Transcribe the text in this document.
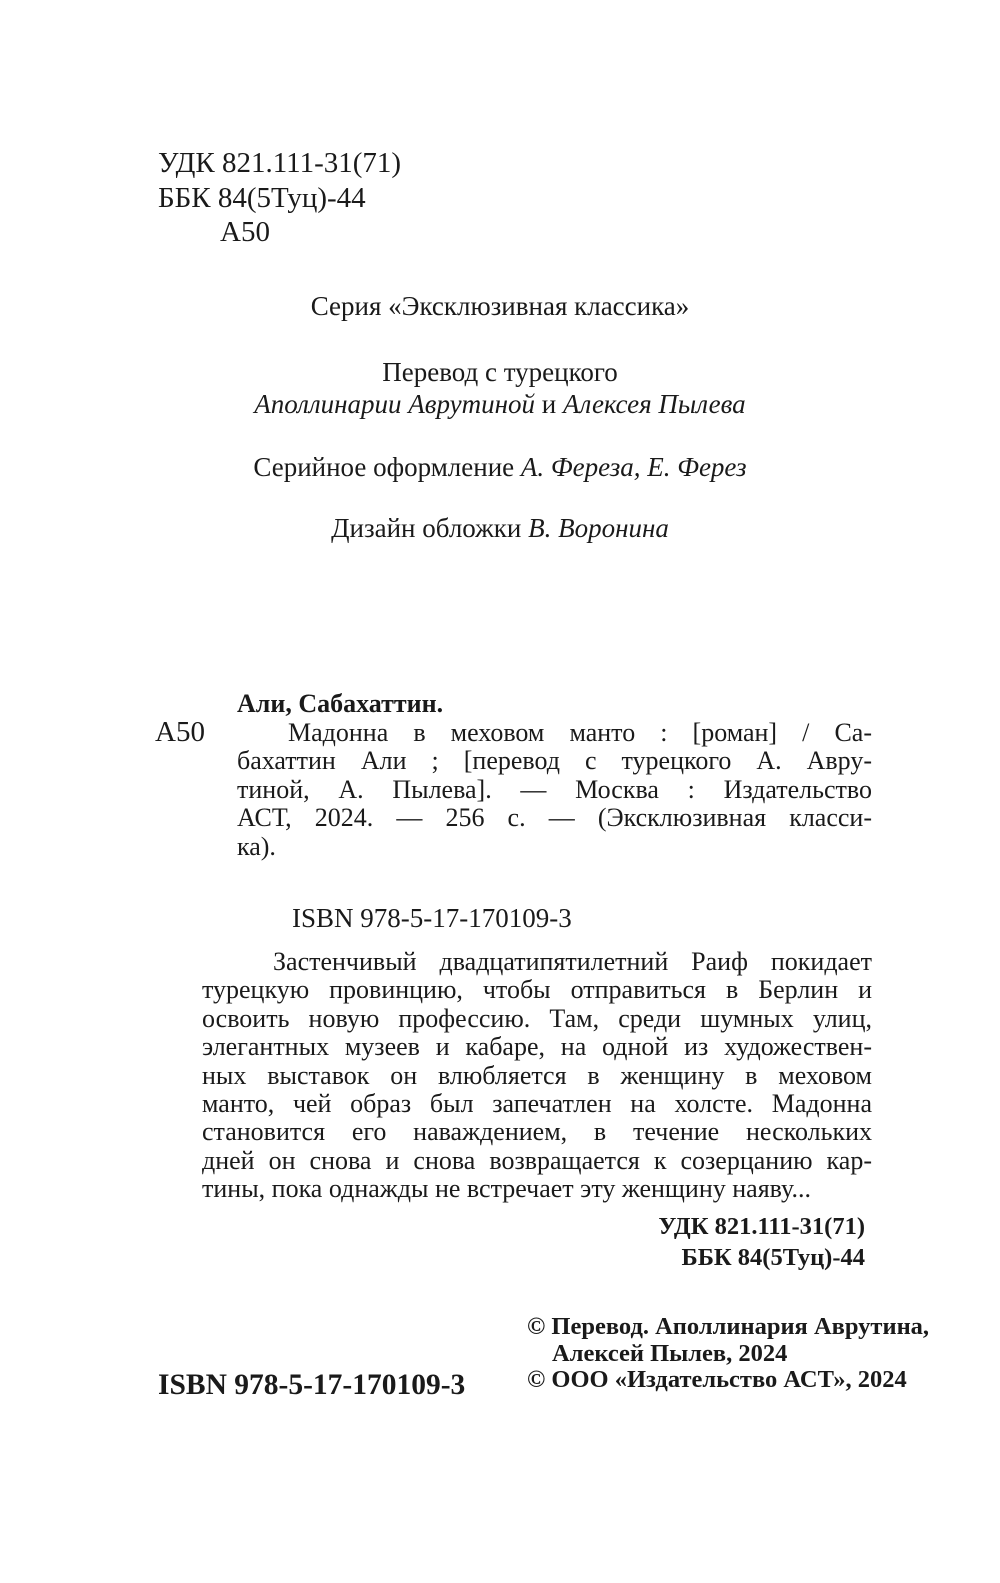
УДК 821.111-31(71)
ББК 84(5Туц)-44
А50
Серия «Эксклюзивная классика»
Перевод с турецкого
Аполлинарии Аврутиной и Алексея Пылева
Серийное оформление А. Фереза, Е. Ферез
Дизайн обложки В. Воронина
А50
Али, Сабахаттин.
Мадонна в меховом манто : [роман] / Са-
бахаттин Али ; [перевод с турецкого А. Авру-
тиной, А. Пылева]. — Москва : Издательство
АСТ, 2024. — 256 с. — (Эксклюзивная класси-
ка).
ISBN 978-5-17-170109-3
Застенчивый двадцатипятилетний Раиф покидает
турецкую провинцию, чтобы отправиться в Берлин и
освоить новую профессию. Там, среди шумных улиц,
элегантных музеев и кабаре, на одной из художествен-
ных выставок он влюбляется в женщину в меховом
манто, чей образ был запечатлен на холсте. Мадонна
становится его наваждением, в течение нескольких
дней он снова и снова возвращается к созерцанию кар-
тины, пока однажды не встречает эту женщину наяву...
УДК 821.111-31(71)
ББК 84(5Туц)-44
ISBN 978-5-17-170109-3
© Перевод. Аполлинария Аврутина,
Алексей Пылев, 2024
© ООО «Издательство АСТ», 2024
